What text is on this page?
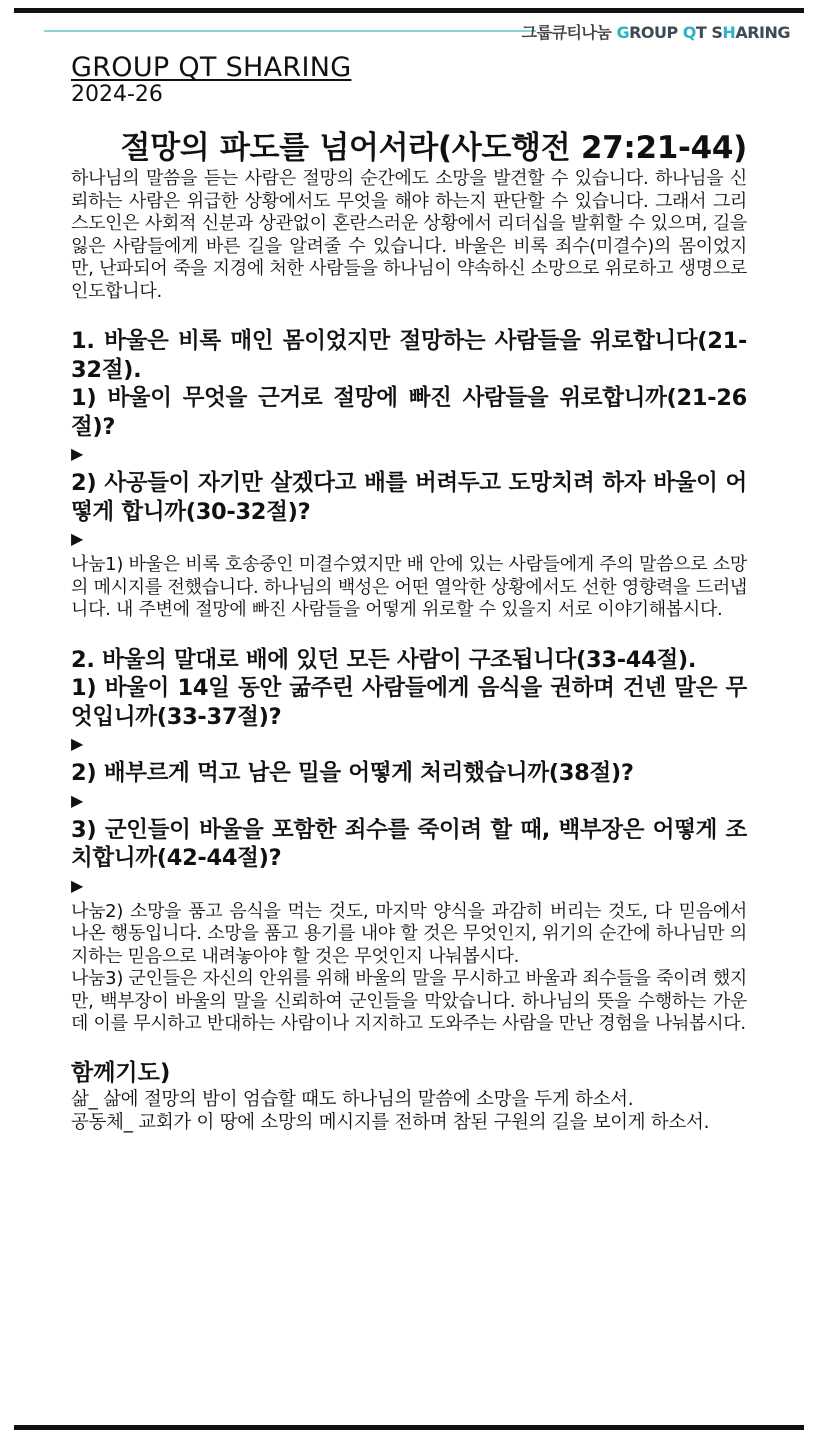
그룹큐티나눔 GROUP QT SHARING
GROUP QT SHARING
2024-26
절망의 파도를 넘어서라(사도행전 27:21-44)

하나님의 말씀을 듣는 사람은 절망의 순간에도 소망을 발견할 수 있습니다. 하나님을 신뢰하는 사람은 위급한 상황에서도 무엇을 해야 하는지 판단할 수 있습니다. 그래서 그리스도인은 사회적 신분과 상관없이 혼란스러운 상황에서 리더십을 발휘할 수 있으며, 길을 잃은 사람들에게 바른 길을 알려줄 수 있습니다. 바울은 비록 죄수(미결수)의 몸이었지만, 난파되어 죽을 지경에 처한 사람들을 하나님이 약속하신 소망으로 위로하고 생명으로 인도합니다.

1. 바울은 비록 매인 몸이었지만 절망하는 사람들을 위로합니다(21-32절).

1) 바울이 무엇을 근거로 절망에 빠진 사람들을 위로합니까(21-26절)?

▶

2) 사공들이 자기만 살겠다고 배를 버려두고 도망치려 하자 바울이 어떻게 합니까(30-32절)?

▶

나눔1) 바울은 비록 호송중인 미결수였지만 배 안에 있는 사람들에게 주의 말씀으로 소망의 메시지를 전했습니다. 하나님의 백성은 어떤 열악한 상황에서도 선한 영향력을 드러냅니다. 내 주변에 절망에 빠진 사람들을 어떻게 위로할 수 있을지 서로 이야기해봅시다.

2. 바울의 말대로 배에 있던 모든 사람이 구조됩니다(33-44절).

1) 바울이 14일 동안 굶주린 사람들에게 음식을 권하며 건넨 말은 무엇입니까(33-37절)?

▶

2) 배부르게 먹고 남은 밀을 어떻게 처리했습니까(38절)?

▶

3) 군인들이 바울을 포함한 죄수를 죽이려 할 때, 백부장은 어떻게 조치합니까(42-44절)?

▶

나눔2) 소망을 품고 음식을 먹는 것도, 마지막 양식을 과감히 버리는 것도, 다 믿음에서 나온 행동입니다. 소망을 품고 용기를 내야 할 것은 무엇인지, 위기의 순간에 하나님만 의지하는 믿음으로 내려놓아야 할 것은 무엇인지 나눠봅시다.

나눔3) 군인들은 자신의 안위를 위해 바울의 말을 무시하고 바울과 죄수들을 죽이려 했지만, 백부장이 바울의 말을 신뢰하여 군인들을 막았습니다. 하나님의 뜻을 수행하는 가운데 이를 무시하고 반대하는 사람이나 지지하고 도와주는 사람을 만난 경험을 나눠봅시다.

함께기도)

삶_ 삶에 절망의 밤이 엄습할 때도 하나님의 말씀에 소망을 두게 하소서.

공동체_ 교회가 이 땅에 소망의 메시지를 전하며 참된 구원의 길을 보이게 하소서.
